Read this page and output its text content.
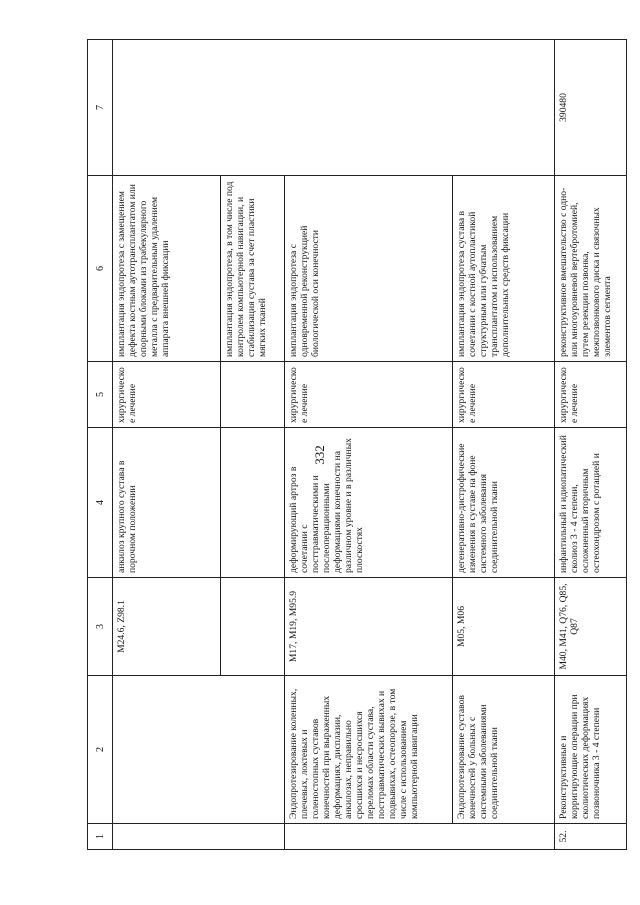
332
1	2	3	4	5	6	7
		M24.6, Z98.1	анкилоз крупного сустава в порочном положении	хирургическое лечение	имплантация эндопротеза с замещением дефекта костным аутотрансплантатом или опорными блоками из трабекулярного металла с предварительным удалением аппарата внешней фиксации	
					имплантация эндопротеза, в том числе под контролем компьютерной навигации, и стабилизация сустава за счет пластики мягких тканей	
	Эндопротезирование коленных, плечевых, локтевых и голеностопных суставов конечностей при выраженных деформациях, дисплазии, анкилозах, неправильно сросшихся и несросшихся переломах области сустава, посттравматических вывихах и подвывихах, остеопорозе, в том числе с использованием компьютерной навигации	M17, M19, M95.9	деформирующий артроз в сочетании с посттравматическими и послеоперационными деформациями конечности на различном уровне и в различных плоскостях	хирургическое лечение	имплантация эндопротеза с одновременной реконструкцией биологической оси конечности	
	Эндопротезирование суставов конечностей у больных с системными заболеваниями соединительной ткани	M05, M06	дегенеративно-дистрофические изменения в суставе на фоне системного заболевания соединительной ткани	хирургическое лечение	имплантация эндопротеза сустава в сочетании с костной аутопластикой структурным или губчатым трансплантатом и использованием дополнительных средств фиксации	
52.	Реконструктивные и корригирующие операции при сколиотических деформациях позвоночника 3 - 4 степени	M40, M41, Q76, Q85, Q87	инфантильный и идиопатический сколиоз 3 - 4 степени, осложненный вторичным остеохондрозом с ротацией и	хирургическое лечение	реконструктивное вмешательство с одно- или многоуровневой вертебротомией, путем резекции позвонка, межпозвонкового диска и связочных элементов сегмента	390480
